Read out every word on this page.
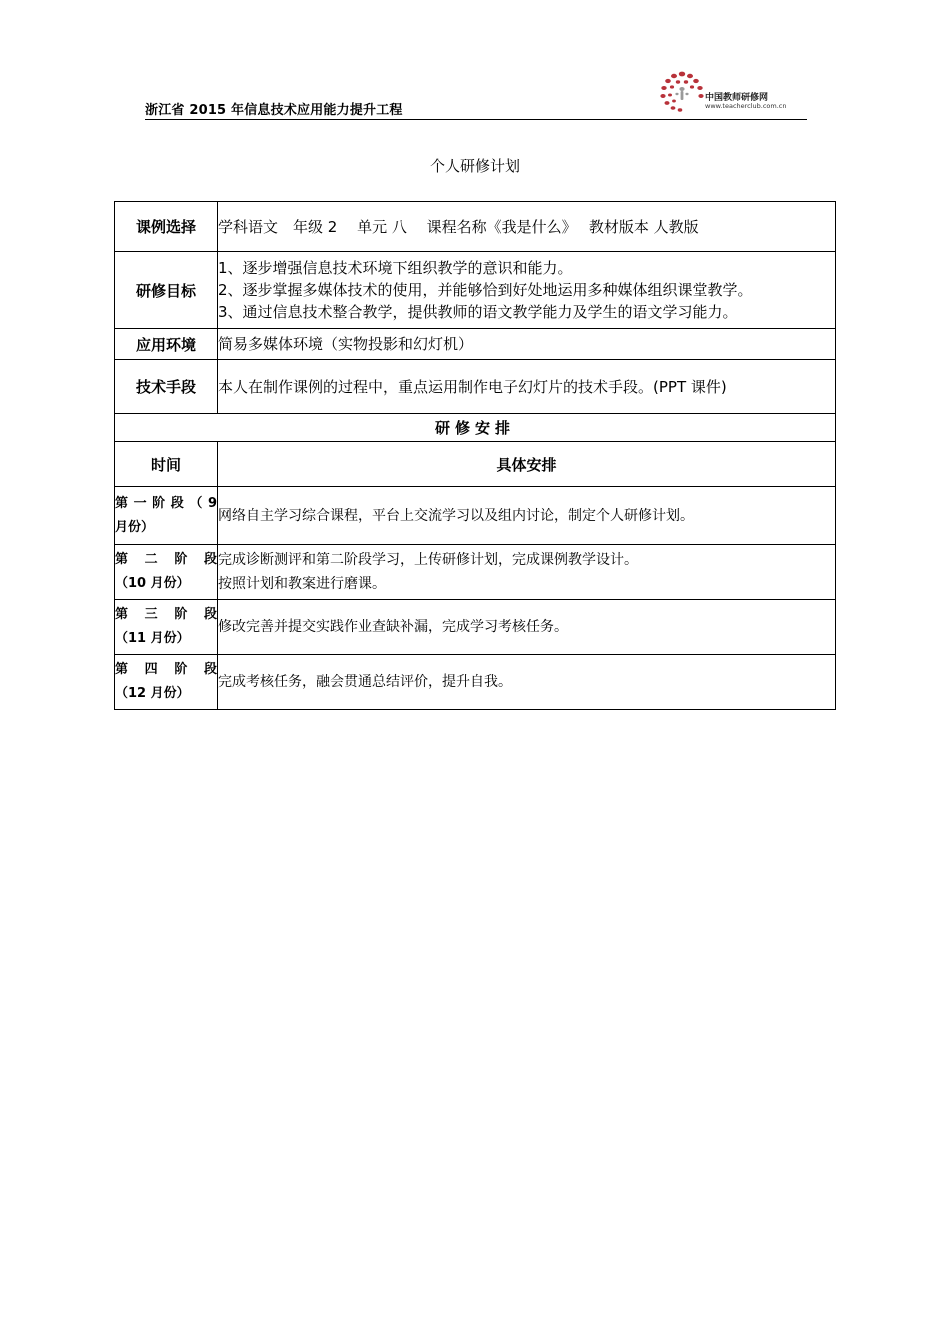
浙江省 2015 年信息技术应用能力提升工程
中国教师研修网
www.teacherclub.com.cn
个人研修计划
课例选择	学科语文　年级 2　 单元 八　 课程名称《我是什么》　 教材版本 人教版

研修目标	1、逐步增强信息技术环境下组织教学的意识和能力。
2、逐步掌握多媒体技术的使用，并能够恰到好处地运用多种媒体组织课堂教学。
3、通过信息技术整合教学，提供教师的语文教学能力及学生的语文学习能力。

应用环境	简易多媒体环境（实物投影和幻灯机）

技术手段	本人在制作课例的过程中，重点运用制作电子幻灯片的技术手段。(PPT 课件)

研修安排	
时间	具体安排

第一阶段（9
月份）	网络自主学习综合课程，平台上交流学习以及组内讨论，制定个人研修计划。

第 二 阶 段
（10 月份）	完成诊断测评和第二阶段学习，上传研修计划，完成课例教学设计。
按照计划和教案进行磨课。

第 三 阶 段
（11 月份）	修改完善并提交实践作业查缺补漏，完成学习考核任务。

第 四 阶 段
（12 月份）	完成考核任务，融会贯通总结评价，提升自我。
